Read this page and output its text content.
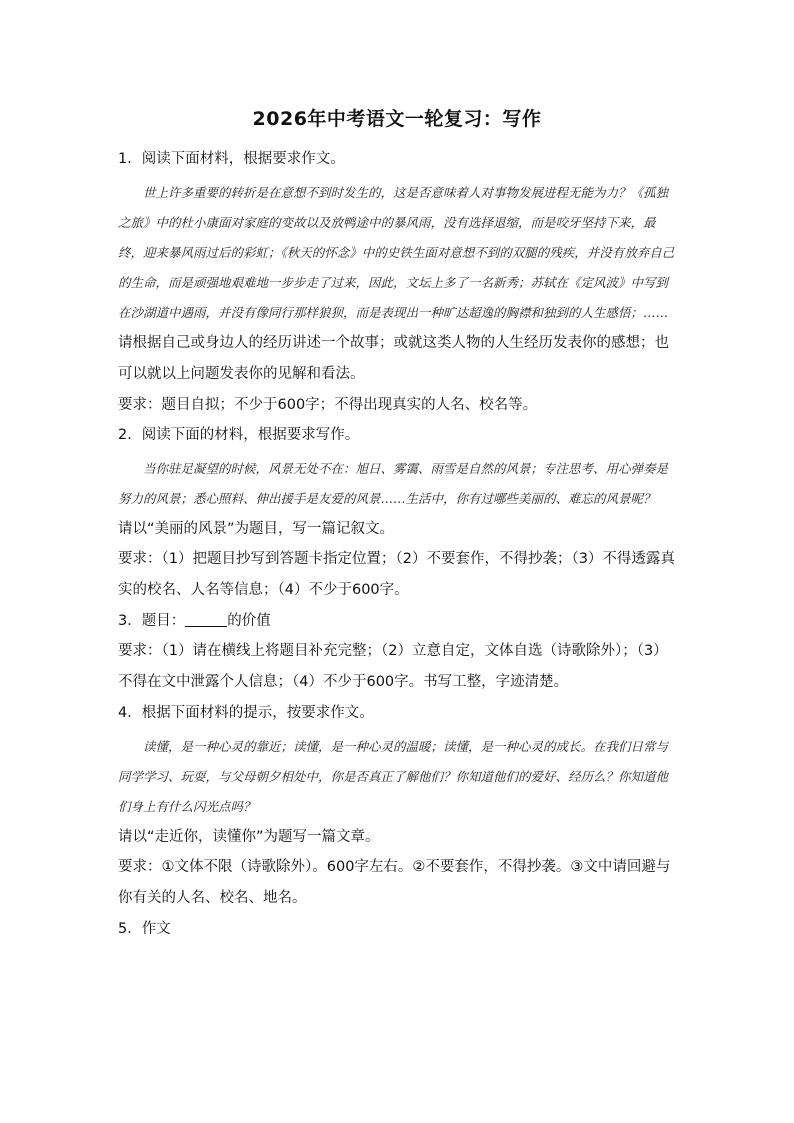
2026年中考语文一轮复习：写作
1．阅读下面材料，根据要求作文。

世上许多重要的转折是在意想不到时发生的，这是否意味着人对事物发展进程无能为力？《孤独之旅》中的杜小康面对家庭的变故以及放鸭途中的暴风雨，没有选择退缩，而是咬牙坚持下来，最终，迎来暴风雨过后的彩虹；《秋天的怀念》中的史铁生面对意想不到的双腿的残疾，并没有放弃自己的生命，而是顽强地艰难地一步步走了过来，因此，文坛上多了一名新秀；苏轼在《定风波》中写到在沙湖道中遇雨，并没有像同行那样狼狈，而是表现出一种旷达超逸的胸襟和独到的人生感悟；……

请根据自己或身边人的经历讲述一个故事；或就这类人物的人生经历发表你的感想；也可以就以上问题发表你的见解和看法。

要求：题目自拟；不少于600字；不得出现真实的人名、校名等。
2．阅读下面的材料，根据要求写作。

当你驻足凝望的时候，风景无处不在：旭日、雾霭、雨雪是自然的风景；专注思考、用心弹奏是努力的风景；悉心照料、伸出援手是友爱的风景……生活中，你有过哪些美丽的、难忘的风景呢？

请以“美丽的风景”为题目，写一篇记叙文。

要求：（1）把题目抄写到答题卡指定位置；（2）不要套作，不得抄袭；（3）不得透露真实的校名、人名等信息；（4）不少于600字。

3．题目：	的价值

要求：（1）请在横线上将题目补充完整；（2）立意自定，文体自选（诗歌除外）；（3）不得在文中泄露个人信息；（4）不少于600字。书写工整，字迹清楚。

4．根据下面材料的提示，按要求作文。

读懂，是一种心灵的靠近；读懂，是一种心灵的温暖；读懂，是一种心灵的成长。在我们日常与同学学习、玩耍，与父母朝夕相处中，你是否真正了解他们？你知道他们的爱好、经历么？你知道他们身上有什么闪光点吗？

请以“走近你，读懂你”为题写一篇文章。

要求：①文体不限（诗歌除外）。600字左右。②不要套作，不得抄袭。③文中请回避与你有关的人名、校名、地名。

5．作文
